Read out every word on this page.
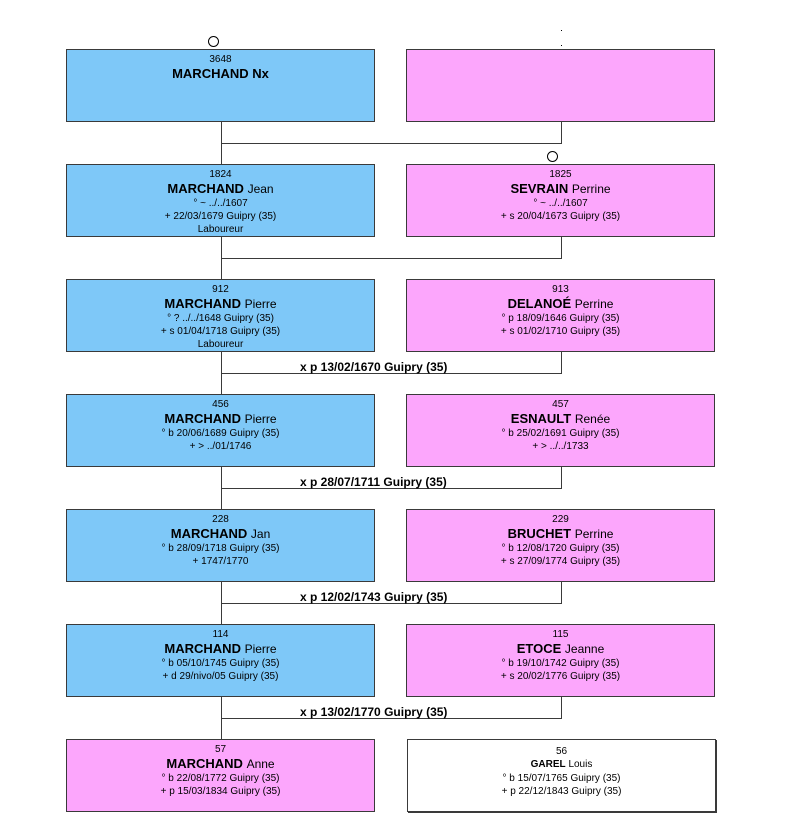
x p 13/02/1670 Guipry (35)
x p 28/07/1711 Guipry (35)
x p 12/02/1743 Guipry (35)
x p 13/02/1770 Guipry (35)
3648
MARCHAND Nx
1824
MARCHAND Jean
° ~ ../../1607
+ 22/03/1679 Guipry (35)
Laboureur
1825
SEVRAIN Perrine
° ~ ../../1607
+ s 20/04/1673 Guipry (35)
912
MARCHAND Pierre
° ? ../../1648 Guipry (35)
+ s 01/04/1718 Guipry (35)
Laboureur
913
DELANOÉ Perrine
° p 18/09/1646 Guipry (35)
+ s 01/02/1710 Guipry (35)
456
MARCHAND Pierre
° b 20/06/1689 Guipry (35)
+ > ../01/1746
457
ESNAULT Renée
° b 25/02/1691 Guipry (35)
+ > ../../1733
228
MARCHAND Jan
° b 28/09/1718 Guipry (35)
+ 1747/1770
229
BRUCHET Perrine
° b 12/08/1720 Guipry (35)
+ s 27/09/1774 Guipry (35)
114
MARCHAND Pierre
° b 05/10/1745 Guipry (35)
+ d 29/nivo/05 Guipry (35)
115
ETOCE Jeanne
° b 19/10/1742 Guipry (35)
+ s 20/02/1776 Guipry (35)
57
MARCHAND Anne
° b 22/08/1772 Guipry (35)
+ p 15/03/1834 Guipry (35)
56
GAREL Louis
° b 15/07/1765 Guipry (35)
+ p 22/12/1843 Guipry (35)
